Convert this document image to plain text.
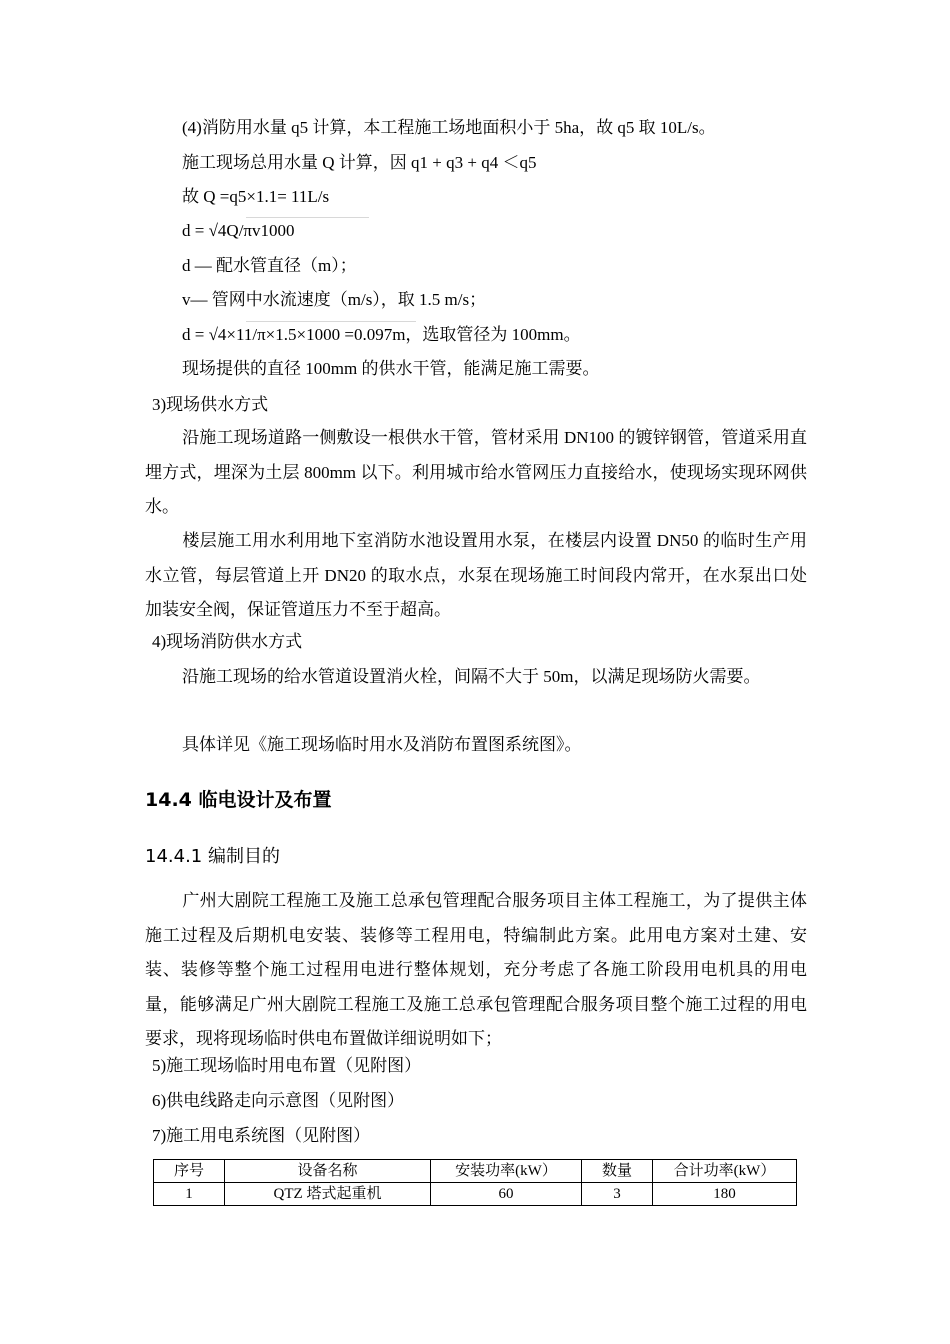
(4)消防用水量 q5 计算，本工程施工场地面积小于 5ha，故 q5 取 10L/s。
施工现场总用水量 Q 计算，因 q1 + q3 + q4 ＜q5
故 Q =q5×1.1= 11L/s
d = √4Q/πv1000
d — 配水管直径（m）；
v— 管网中水流速度（m/s），取 1.5 m/s；
d = √4×11/π×1.5×1000 =0.097m，选取管径为 100mm。
现场提供的直径 100mm 的供水干管，能满足施工需要。
3)现场供水方式
沿施工现场道路一侧敷设一根供水干管，管材采用 DN100 的镀锌钢管，管道采用直埋方式，埋深为土层 800mm 以下。利用城市给水管网压力直接给水，使现场实现环网供水。
楼层施工用水利用地下室消防水池设置用水泵，在楼层内设置 DN50 的临时生产用水立管，每层管道上开 DN20 的取水点，水泵在现场施工时间段内常开，在水泵出口处加装安全阀，保证管道压力不至于超高。
4)现场消防供水方式
沿施工现场的给水管道设置消火栓，间隔不大于 50m，以满足现场防火需要。
具体详见《施工现场临时用水及消防布置图系统图》。
14.4 临电设计及布置
14.4.1 编制目的
广州大剧院工程施工及施工总承包管理配合服务项目主体工程施工，为了提供主体施工过程及后期机电安装、装修等工程用电，特编制此方案。此用电方案对土建、安装、装修等整个施工过程用电进行整体规划，充分考虑了各施工阶段用电机具的用电量，能够满足广州大剧院工程施工及施工总承包管理配合服务项目整个施工过程的用电要求，现将现场临时供电布置做详细说明如下；
5)施工现场临时用电布置（见附图）
6)供电线路走向示意图（见附图）
7)施工用电系统图（见附图）
序号	设备名称	安装功率(kW）	数量	合计功率(kW）
1	QTZ 塔式起重机	60	3	180
